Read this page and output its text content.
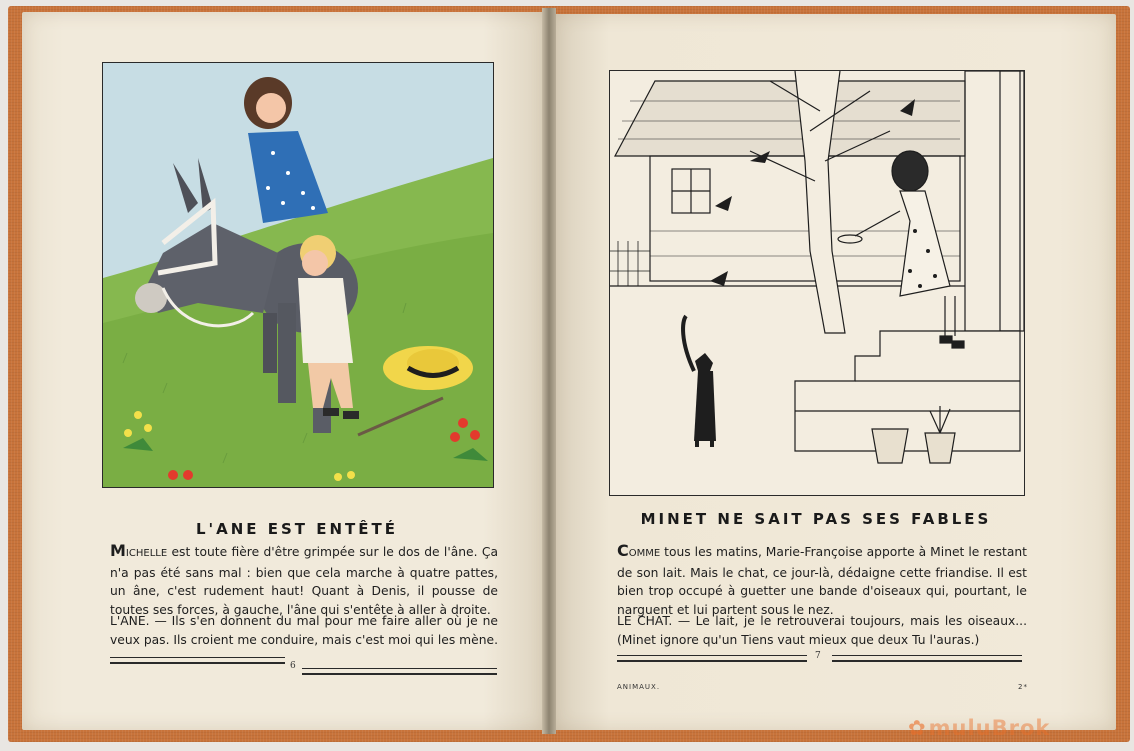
L'ANE EST ENTÊTÉ

MICHELLE est toute fière d'être grimpée sur le dos de l'âne. Ça n'a pas été sans mal : bien que cela marche à quatre pattes, un âne, c'est rudement haut! Quant à Denis, il pousse de toutes ses forces, à gauche, l'âne qui s'entête à aller à droite.

L'ANE. — Ils s'en donnent du mal pour me faire aller où je ne veux pas. Ils croient me conduire, mais c'est moi qui les mène.

6
MINET NE SAIT PAS SES FABLES

COMME tous les matins, Marie-Françoise apporte à Minet le restant de son lait. Mais le chat, ce jour-là, dédaigne cette friandise. Il est bien trop occupé à guetter une bande d'oiseaux qui, pourtant, le narguent et lui partent sous le nez.

LE CHAT. — Le lait, je le retrouverai toujours, mais les oiseaux... (Minet ignore qu'un Tiens vaut mieux que deux Tu l'auras.)

7
ANIMAUX.	2*
✿muluBrok
